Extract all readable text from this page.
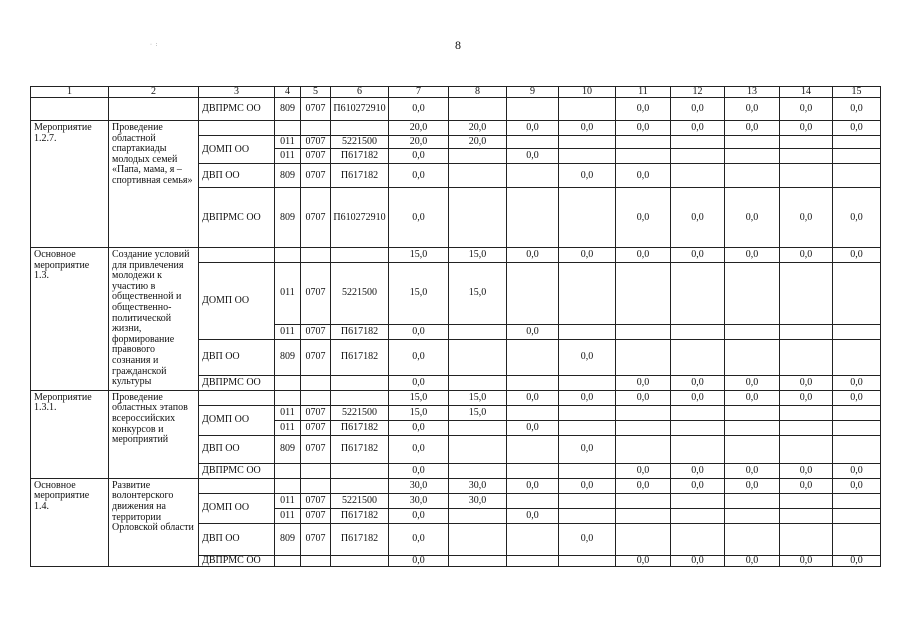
8
· :
1	2	3	4	5	6	7	8	9	10	11	12	13	14	15
		ДВПРМС ОО	809	0707	П610272910	0,0				0,0	0,0	0,0	0,0	0,0
Мероприятие 1.2.7.	Проведение областной спартакиады молодых семей «Папа, мама, я – спортивная семья»					20,0	20,0	0,0	0,0	0,0	0,0	0,0	0,0	0,0
		ДОМП ОО	011	0707	5221500	20,0	20,0							
			011	0707	П617182	0,0		0,0						
		ДВП ОО	809	0707	П617182	0,0			0,0	0,0				
		ДВПРМС ОО	809	0707	П610272910	0,0				0,0	0,0	0,0	0,0	0,0
Основное мероприятие 1.3.	Создание условий для привлечения молодежи к участию в общественной и общественно-политической жизни, формирование правового сознания и гражданской культуры					15,0	15,0	0,0	0,0	0,0	0,0	0,0	0,0	0,0
		ДОМП ОО	011	0707	5221500	15,0	15,0							
			011	0707	П617182	0,0		0,0						
		ДВП ОО	809	0707	П617182	0,0			0,0					
		ДВПРМС ОО				0,0				0,0	0,0	0,0	0,0	0,0
Мероприятие 1.3.1.	Проведение областных этапов всероссийских конкурсов и мероприятий					15,0	15,0	0,0	0,0	0,0	0,0	0,0	0,0	0,0
		ДОМП ОО	011	0707	5221500	15,0	15,0							
			011	0707	П617182	0,0		0,0						
		ДВП ОО	809	0707	П617182	0,0			0,0					
		ДВПРМС ОО				0,0				0,0	0,0	0,0	0,0	0,0
Основное мероприятие 1.4.	Развитие волонтерского движения на территории Орловской области					30,0	30,0	0,0	0,0	0,0	0,0	0,0	0,0	0,0
		ДОМП ОО	011	0707	5221500	30,0	30,0							
			011	0707	П617182	0,0		0,0						
		ДВП ОО	809	0707	П617182	0,0			0,0					
		ДВПРМС ОО				0,0				0,0	0,0	0,0	0,0	0,0
